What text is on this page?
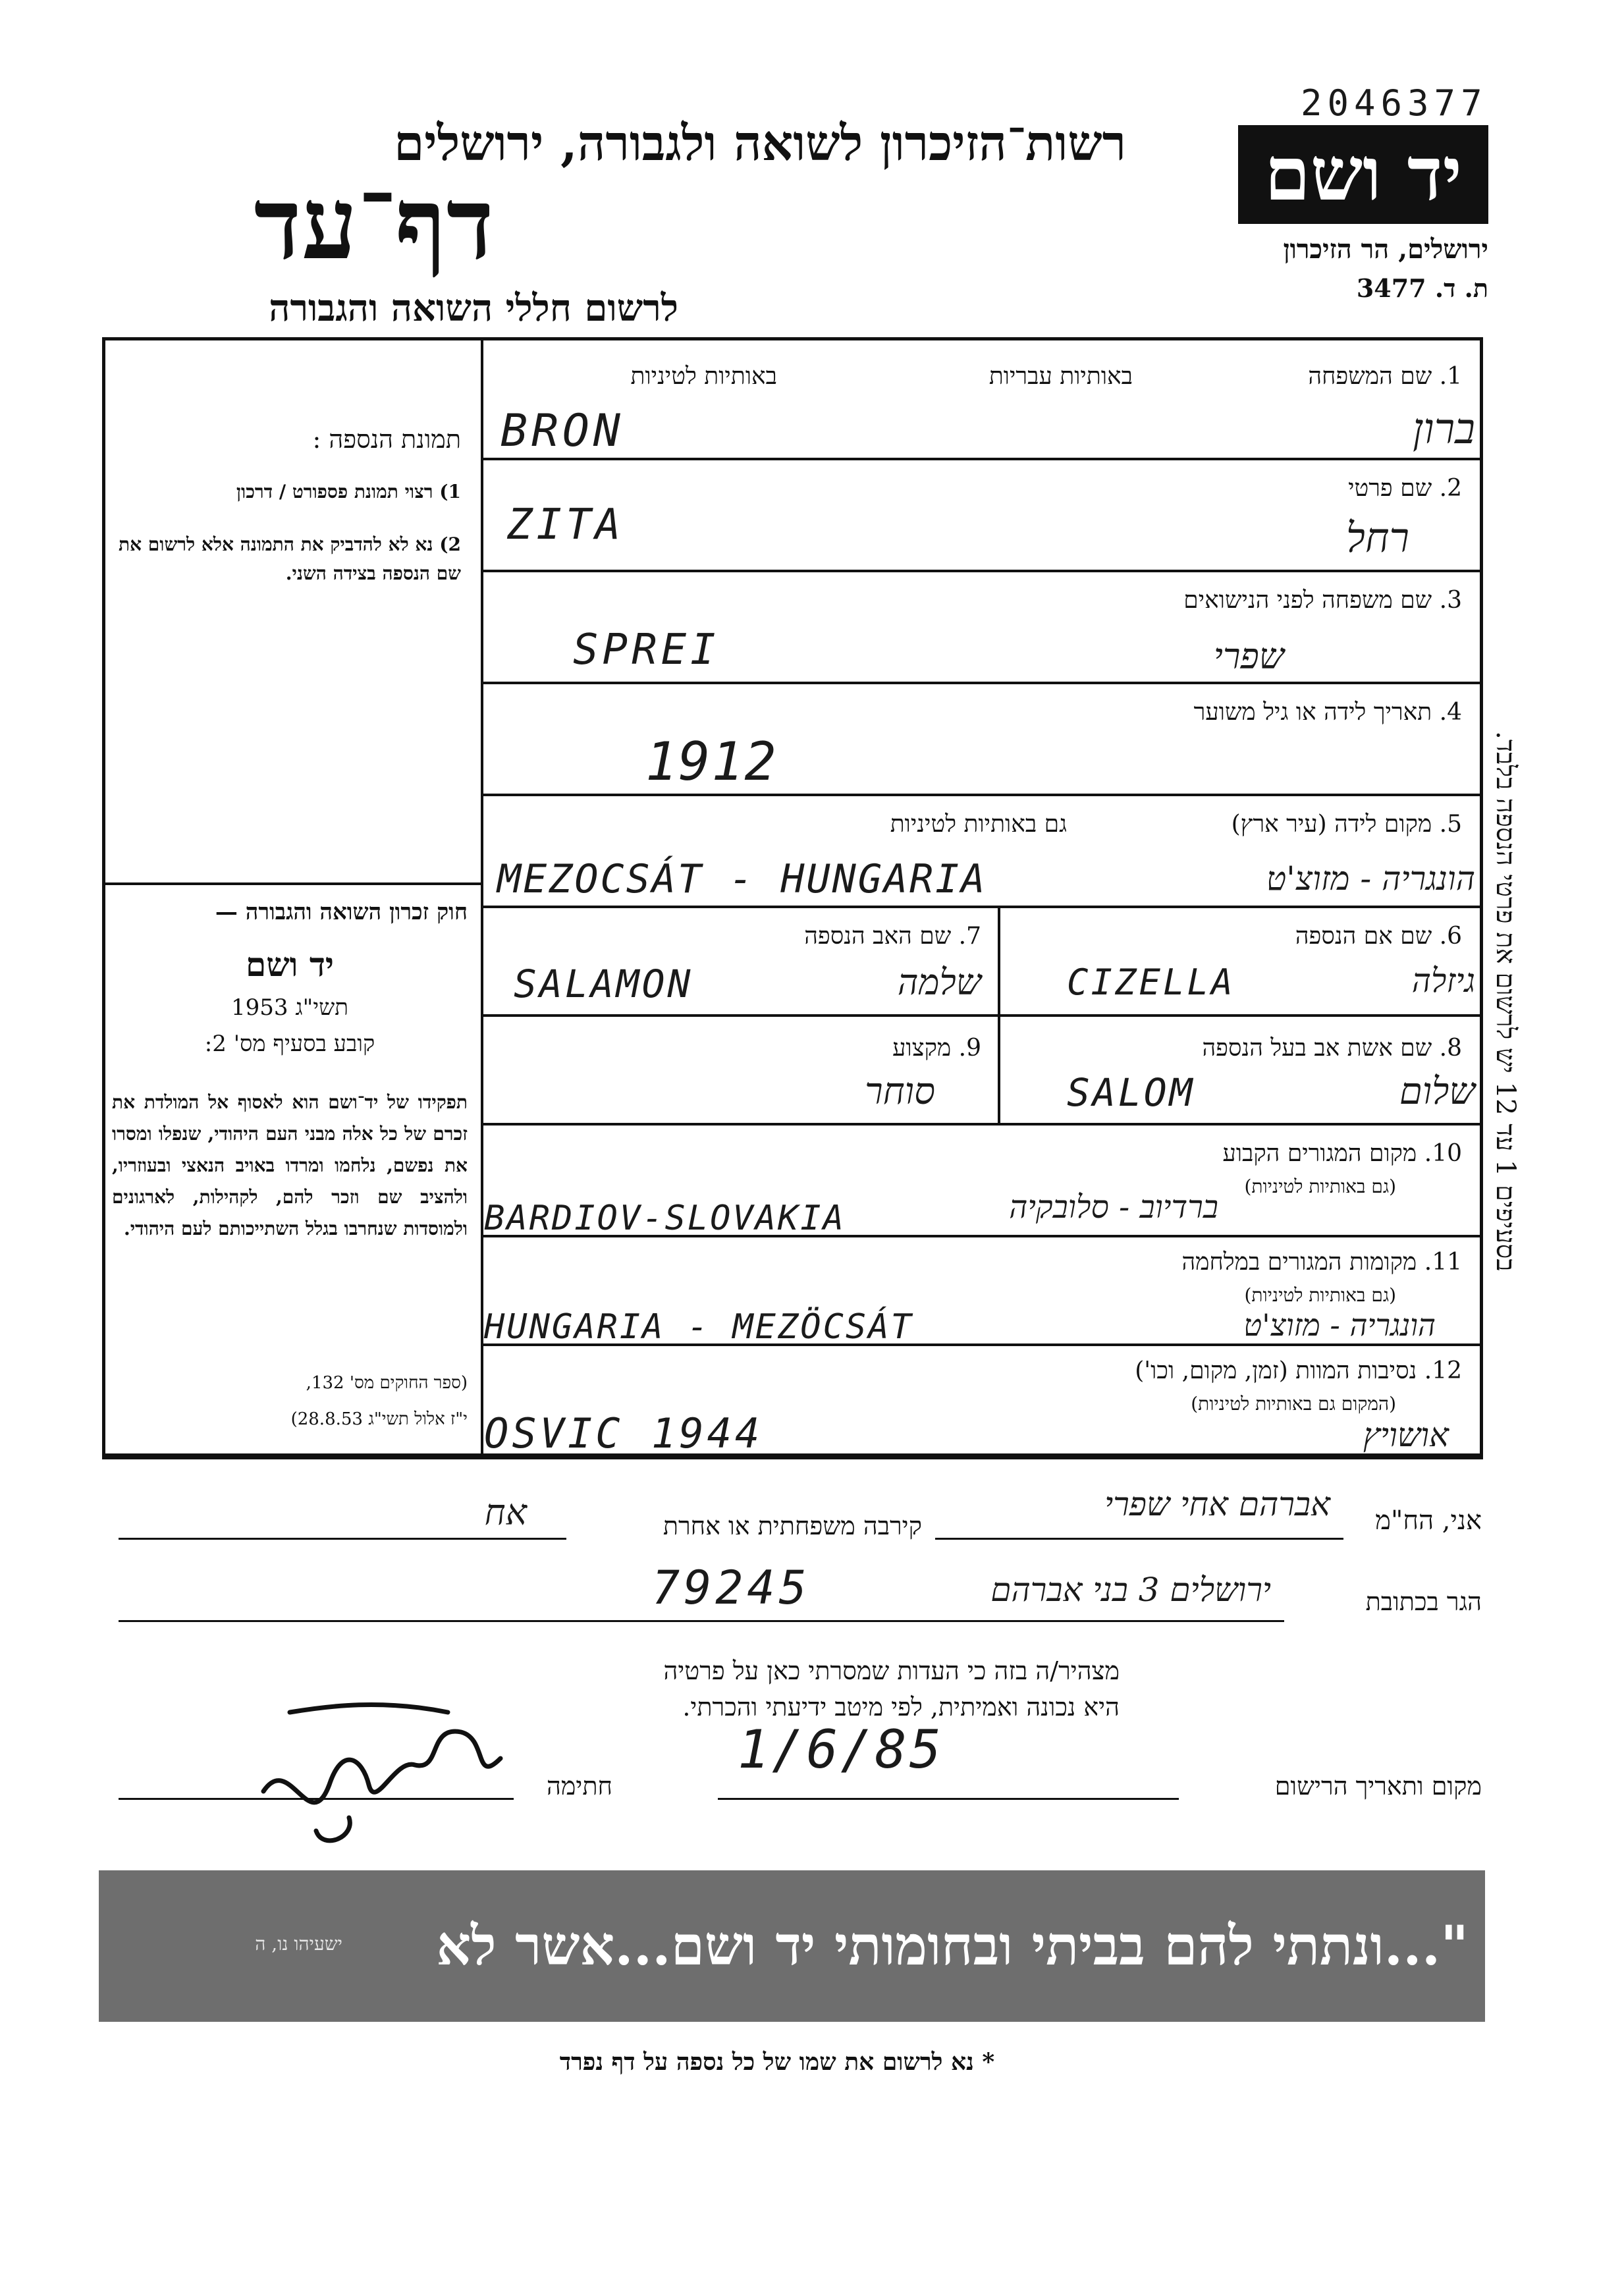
2046377
יד ושם
ירושלים, הר הזיכרון
ת. ד. 3477
רשות־הזיכרון לשואה ולגבורה, ירושלים
דף־עד
לרשום חללי השואה והגבורה
בסעיפים 1 עד 12 יש לרשום את פרטי הנספה בלבד.
תמונת הנספה :
1) רצוי תמונת פספורט / דרכון
2) נא לא להדביק את התמונה אלא לרשום את שם הנספה בצידה השני.
חוק זכרון השואה והגבורה —
יד ושם
תשי"ג 1953
קובע בסעיף מס' 2:
תפקידו של יד־ושם הוא לאסוף אל המולדת את זכרם של כל אלה מבני העם היהודי, שנפלו ומסרו את נפשם, נלחמו ומרדו באויב הנאצי ובעוזריו, ולהציב שם וזכר להם, לקהילות, לארגונים ולמוסדות שנחרבו בגלל השתייכותם לעם היהודי.
(ספר החוקים מס' 132,
י"ז אלול תשי"ג 28.8.53)
1. שם המשפחה
באותיות עבריות
באותיות לטיניות
BRON	ברון
2. שם פרטי
ZITA	רחל
3. שם משפחה לפני הנישואים
SPREI	שפרי
4. תאריך לידה או גיל משוער
1912
5. מקום לידה (עיר ארץ)
גם באותיות לטיניות
MEZOCSÁT - HUNGARIA	הונגריה - מזוצ'ט
6. שם אם הנספה
CIZELLA	גיזלה
7. שם האב הנספה
SALAMON	שלמה
8. שם אשת אב בעל הנספה
SALOM	שלום
9. מקצוע
סוחר
10. מקום המגורים הקבוע
(גם באותיות לטיניות)
BARDIOV-SLOVAKIA	ברדיוב - סלובקיה
11. מקומות המגורים במלחמה
(גם באותיות לטיניות)
HUNGARIA - MEZÖCSÁT	הונגריה - מזוצ'ט
12. נסיבות המוות (זמן, מקום, וכו')
(המקום גם באותיות לטיניות)
OSVIC 1944	אושויץ
אני, הח"מ
אברהם אחי שפרי
קירבה משפחתית או אחרת
אח
הגר בכתובת
ירושלים 3 בני אברהם
79245
מצהיר/ה בזה כי העדות שמסרתי כאן על פרטיה
היא נכונה ואמיתית, לפי מיטב ידיעתי והכרתי.
מקום ותאריך הרישום
1/6/85
חתימה
"...ונתתי להם בביתי ובחומותי יד ושם...אשר לא יכרת"
ישעיהו נו, ה
* נא לרשום את שמו של כל נספה על דף נפרד
